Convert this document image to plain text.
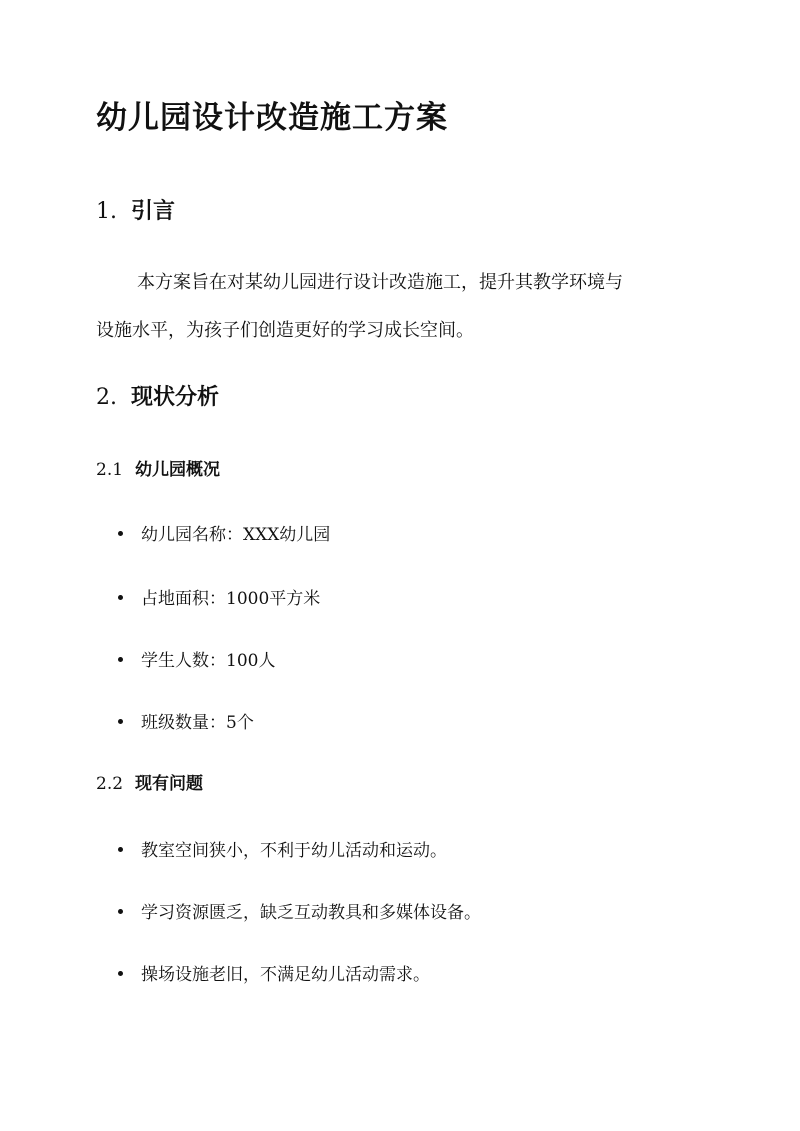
幼儿园设计改造施工方案
1. 引言

本方案旨在对某幼儿园进行设计改造施工，提升其教学环境与

设施水平，为孩子们创造更好的学习成长空间。

2. 现状分析
2.1 幼儿园概况

幼儿园名称：XXX幼儿园

占地面积：1000平方米

学生人数：100人

班级数量：5个

2.2 现有问题

教室空间狭小，不利于幼儿活动和运动。

学习资源匮乏，缺乏互动教具和多媒体设备。

操场设施老旧，不满足幼儿活动需求。
